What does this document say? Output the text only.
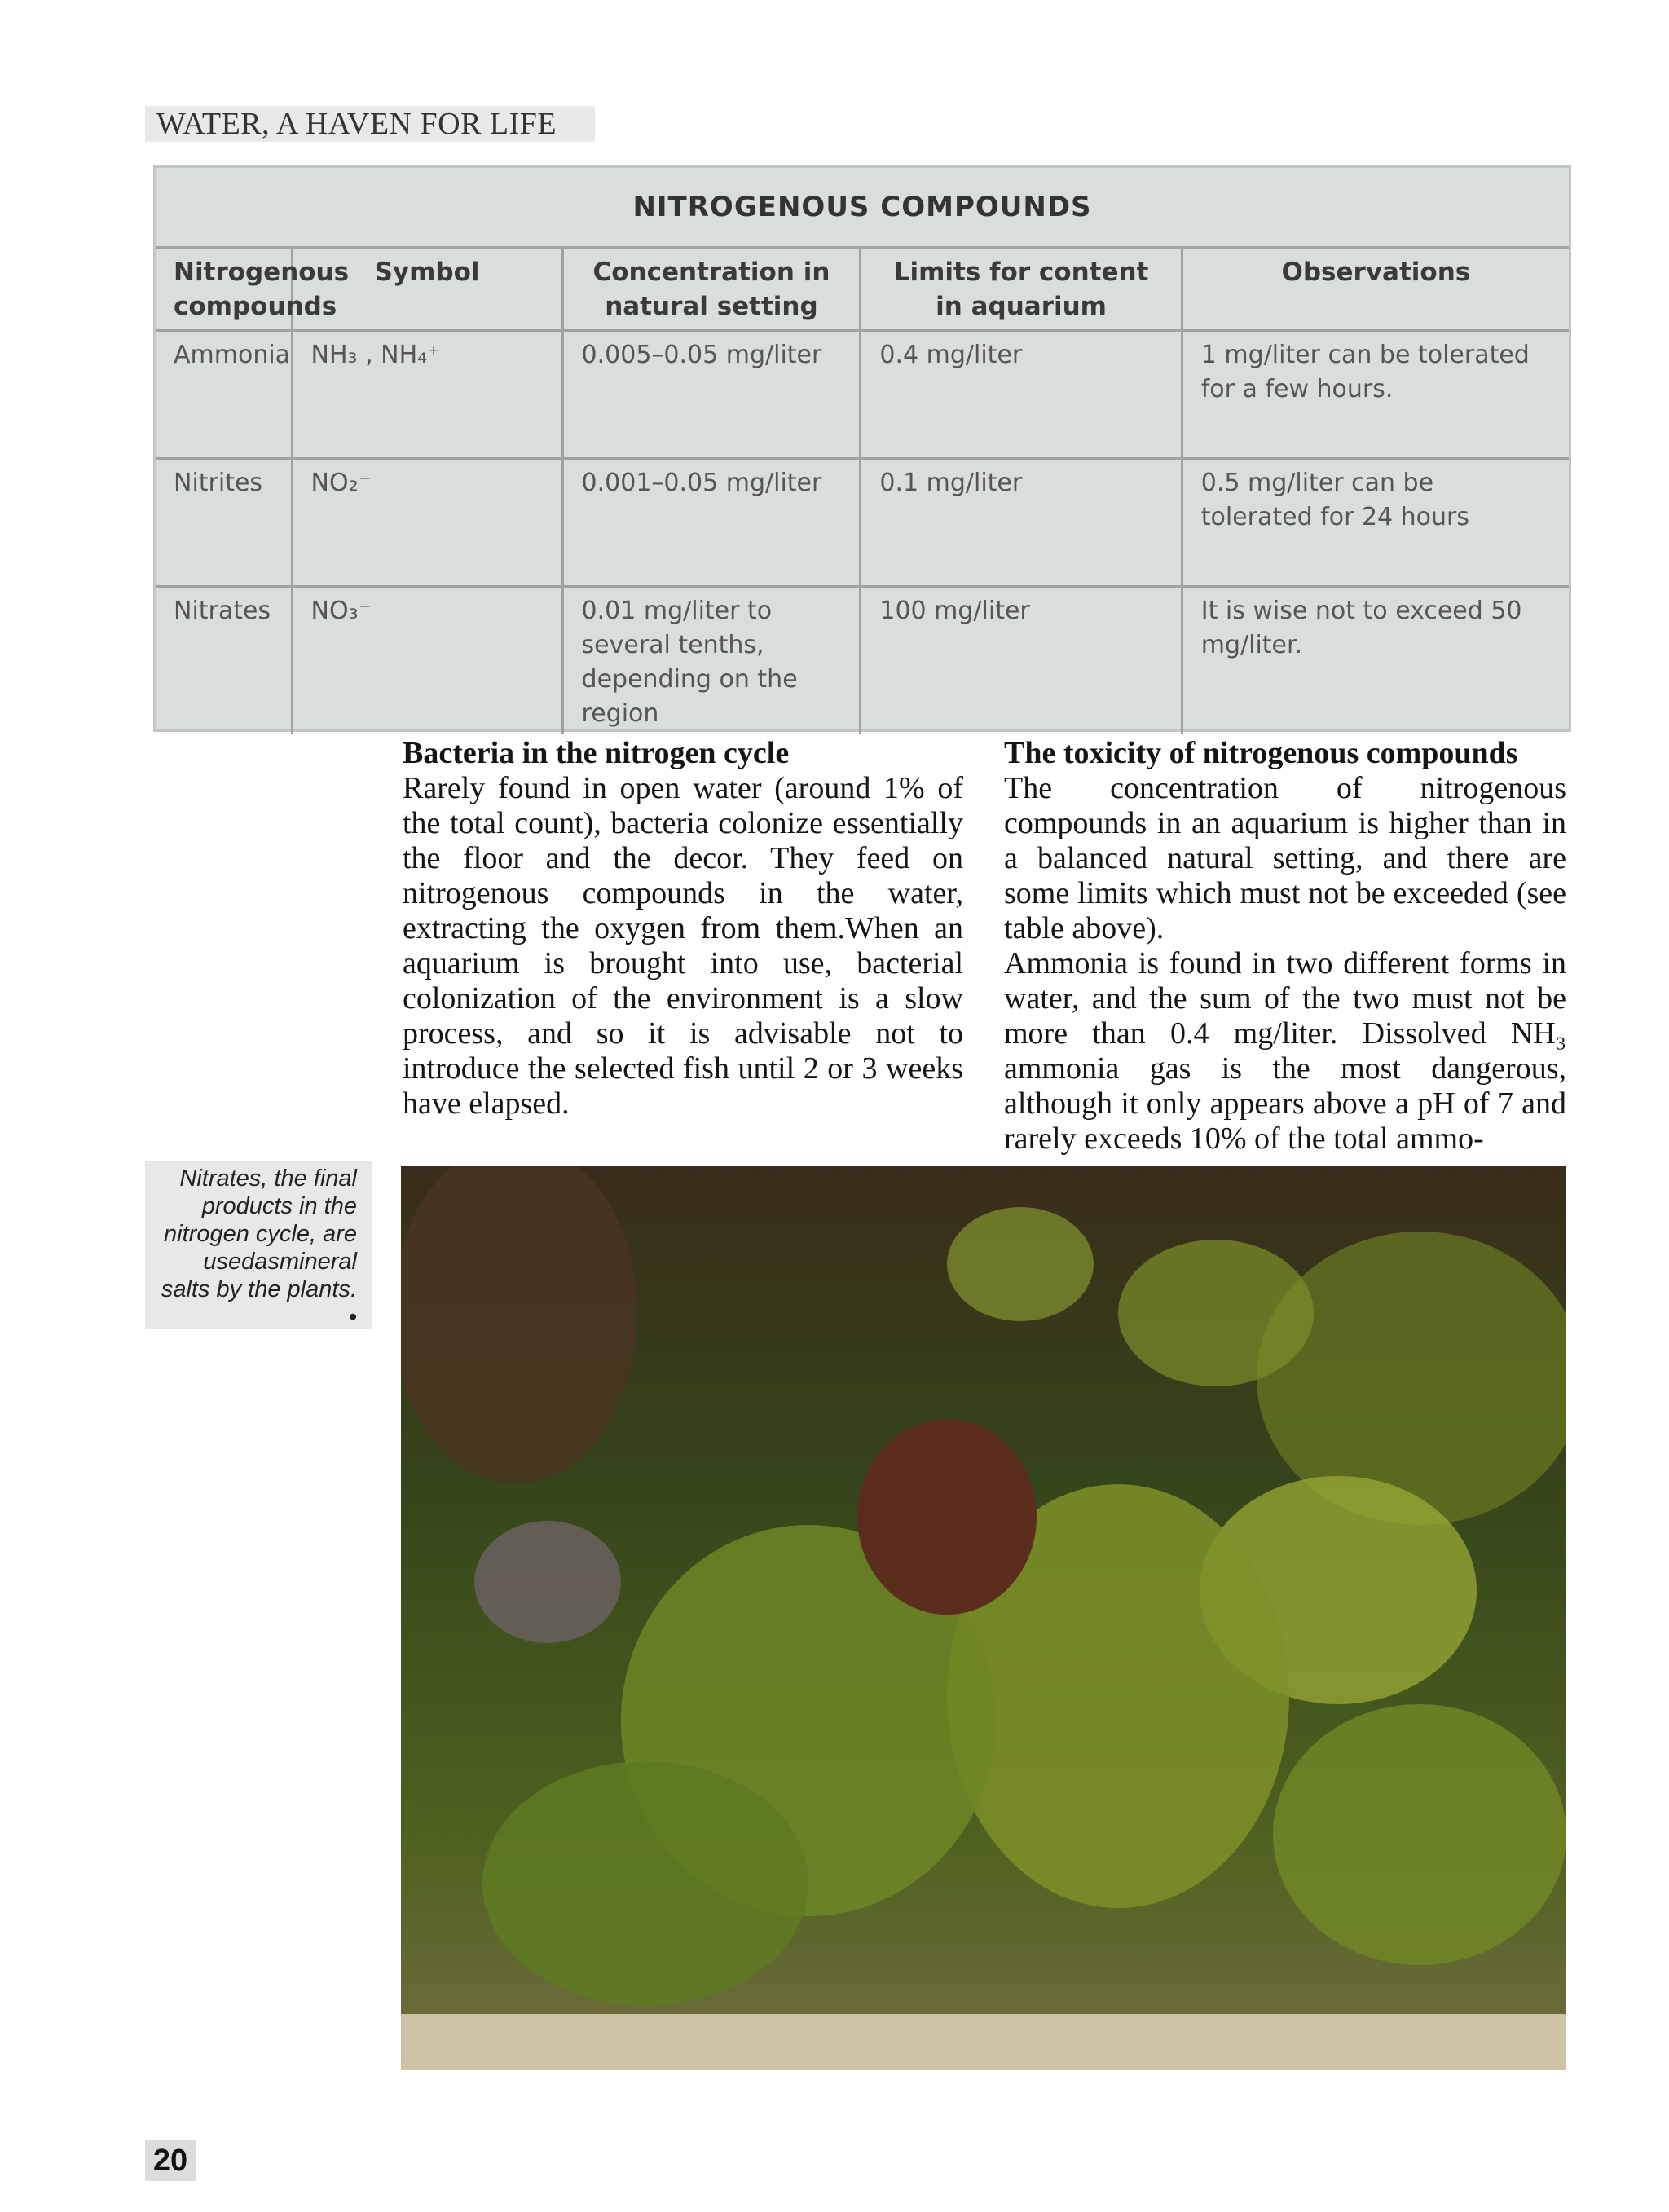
WATER, A HAVEN FOR LIFE
NITROGENOUS COMPOUNDS
Nitrogenous compounds	Symbol	Concentration in natural setting	Limits for content in aquarium	Observations
Ammonia	NH₃ , NH₄⁺	0.005–0.05 mg/liter	0.4 mg/liter	1 mg/liter can be tolerated for a few hours.
Nitrites	NO₂⁻	0.001–0.05 mg/liter	0.1 mg/liter	0.5 mg/liter can be tolerated for 24 hours
Nitrates	NO₃⁻	0.01 mg/liter to several tenths, depending on the region	100 mg/liter	It is wise not to exceed 50 mg/liter.
Bacteria in the nitrogen cycle

Rarely found in open water (around 1% of the total count), bacteria colonize essentially the floor and the decor. They feed on nitrogenous compounds in the water, extracting the oxygen from them.When an aquarium is brought into use, bacterial colonization of the environment is a slow process, and so it is advisable not to introduce the selected fish until 2 or 3 weeks have elapsed.

The toxicity of nitrogenous compounds

The concentration of nitrogenous compounds in an aquarium is higher than in a balanced natural setting, and there are some limits which must not be exceeded (see table above).

Ammonia is found in two different forms in water, and the sum of the two must not be more than 0.4 mg/liter. Dissolved NH₃ ammonia gas is the most dangerous, although it only appears above a pH of 7 and rarely exceeds 10% of the total ammo-

Nitrates, the final products in the nitrogen cycle, are usedasmineral salts by the plants.
•
20
